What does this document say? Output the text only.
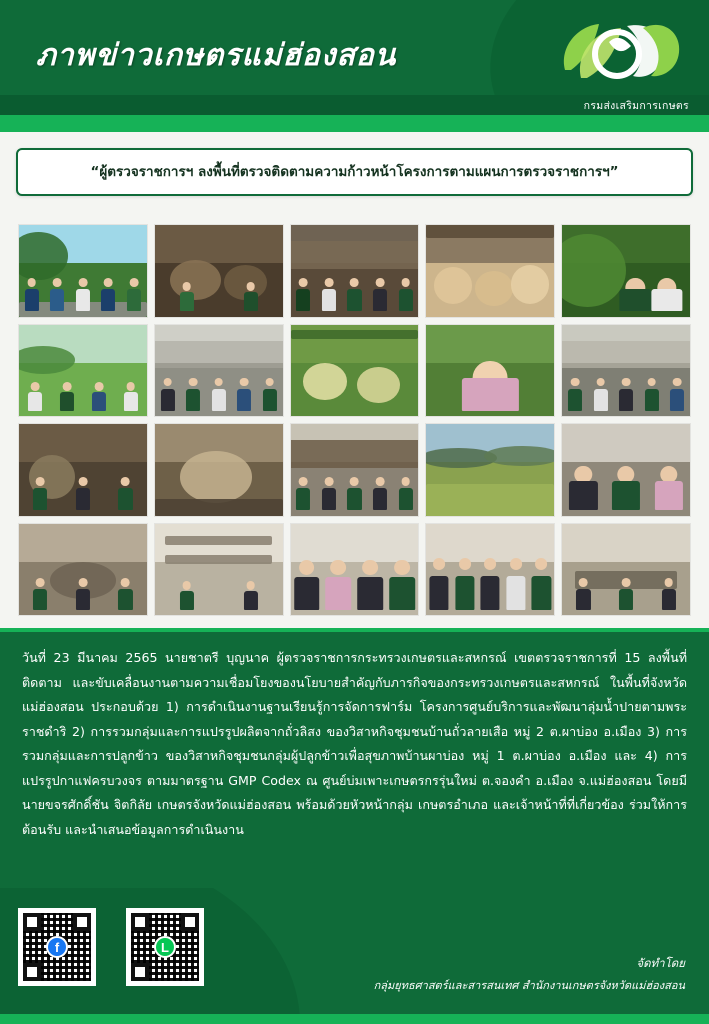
ภาพข่าวเกษตรแม่ฮ่องสอน
กรมส่งเสริมการเกษตร
“ผู้ตรวจราชการฯ ลงพื้นที่ตรวจติดตามความก้าวหน้าโครงการตามแผนการตรวจราชการฯ”
วันที่ 23 มีนาคม 2565 นายชาตรี บุญนาค ผู้ตรวจราชการกระทรวงเกษตรและสหกรณ์ เขตตรวจราชการที่ 15 ลงพื้นที่ติดตาม และขับเคลื่อนงานตามความเชื่อมโยงของนโยบายสำคัญกับภารกิจของกระทรวงเกษตรและสหกรณ์ ในพื้นที่จังหวัดแม่ฮ่องสอน ประกอบด้วย 1) การดำเนินงานฐานเรียนรู้การจัดการฟาร์ม โครงการศูนย์บริการและพัฒนาลุ่มน้ำปายตามพระราชดำริ 2) การรวมกลุ่มและการแปรรูปผลิตจากถั่วลิสง ของวิสาหกิจชุมชนบ้านถั่วลายเสือ หมู่ 2 ต.ผาบ่อง อ.เมือง 3) การรวมกลุ่มและการปลูกข้าว ของวิสาหกิจชุมชนกลุ่มผู้ปลูกข้าวเพื่อสุขภาพบ้านผาบ่อง หมู่ 1 ต.ผาบ่อง อ.เมือง และ 4) การแปรรูปกาแฟครบวงจร ตามมาตรฐาน GMP Codex ณ ศูนย์บ่มเพาะเกษตรกรรุ่นใหม่ ต.จองคำ อ.เมือง จ.แม่ฮ่องสอน โดยมีนายขจรศักดิ์ชัน จิตกิลัย เกษตรจังหวัดแม่ฮ่องสอน พร้อมด้วยหัวหน้ากลุ่ม เกษตรอำเภอ และเจ้าหน้าที่ที่เกี่ยวข้อง ร่วมให้การต้อนรับ และนำเสนอข้อมูลการดำเนินงาน
f	L
จัดทำโดย
กลุ่มยุทธศาสตร์และสารสนเทศ สำนักงานเกษตรจังหวัดแม่ฮ่องสอน
